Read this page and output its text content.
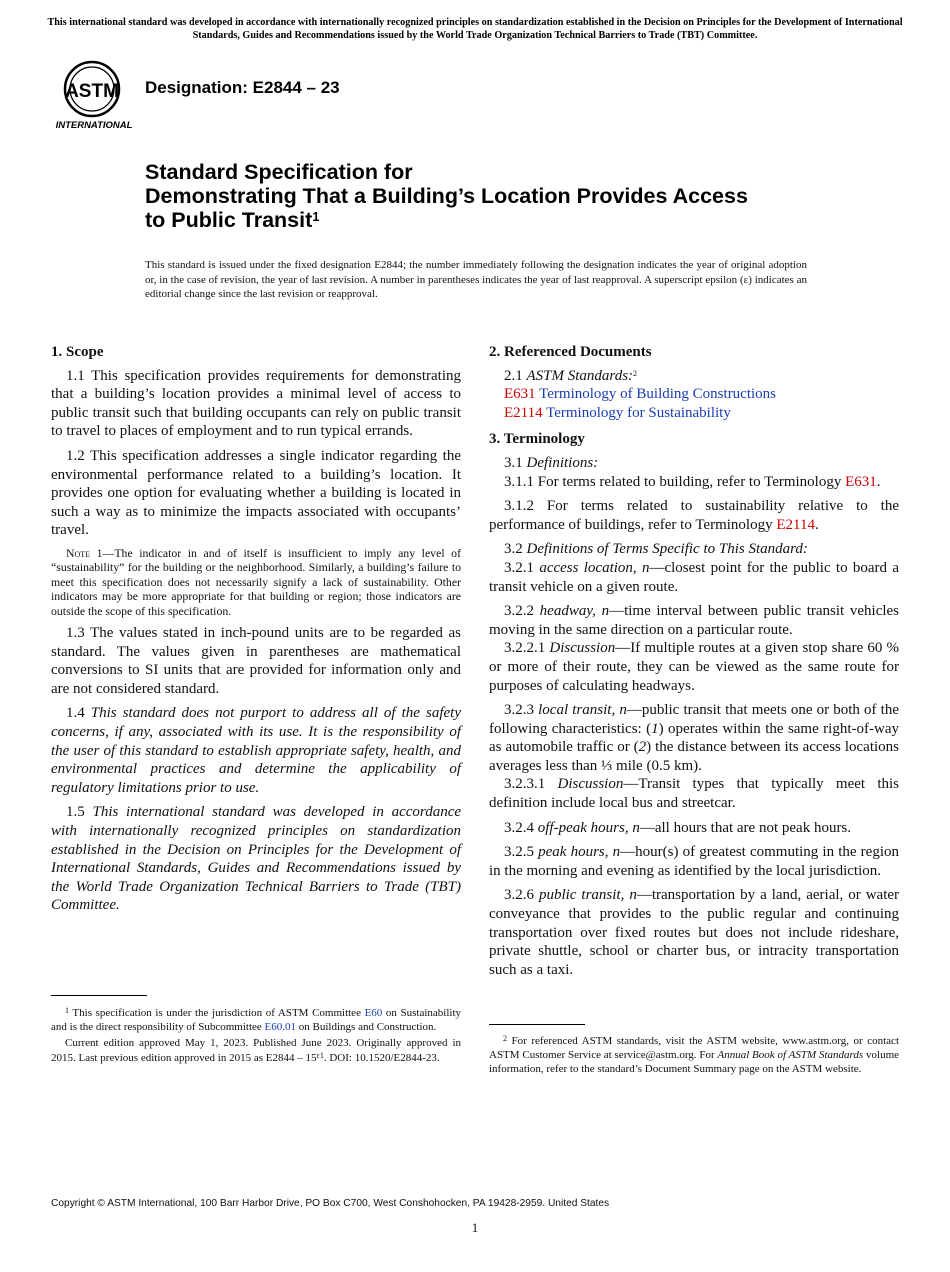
This international standard was developed in accordance with internationally recognized principles on standardization established in the Decision on Principles for the Development of International Standards, Guides and Recommendations issued by the World Trade Organization Technical Barriers to Trade (TBT) Committee.
ASTM
INTERNATIONAL
Designation: E2844 – 23
Standard Specification for
Demonstrating That a Building’s Location Provides Access
to Public Transit$^1$
This standard is issued under the fixed designation E2844; the number immediately following the designation indicates the year of original adoption or, in the case of revision, the year of last revision. A number in parentheses indicates the year of last reapproval. A superscript epsilon (ε) indicates an editorial change since the last revision or reapproval.
1. Scope

1.1 This specification provides requirements for demonstrating that a building’s location provides a minimal level of access to public transit such that building occupants can rely on public transit to travel to places of employment and to run typical errands.

1.2 This specification addresses a single indicator regarding the environmental performance related to a building’s location. It provides one option for evaluating whether a building is located in such a way as to minimize the impacts associated with occupants’ travel.

Note 1—The indicator in and of itself is insufficient to imply any level of “sustainability” for the building or the neighborhood. Similarly, a building’s failure to meet this specification does not necessarily signify a lack of sustainability. Other indicators may be more appropriate for that building or region; those indicators are outside the scope of this specification.

1.3 The values stated in inch-pound units are to be regarded as standard. The values given in parentheses are mathematical conversions to SI units that are provided for information only and are not considered standard.

1.4 This standard does not purport to address all of the safety concerns, if any, associated with its use. It is the responsibility of the user of this standard to establish appropriate safety, health, and environmental practices and determine the applicability of regulatory limitations prior to use.

1.5 This international standard was developed in accordance with internationally recognized principles on standardization established in the Decision on Principles for the Development of International Standards, Guides and Recommendations issued by the World Trade Organization Technical Barriers to Trade (TBT) Committee.

$^1$ This specification is under the jurisdiction of ASTM Committee E60 on Sustainability and is the direct responsibility of Subcommittee E60.01 on Buildings and Construction.

Current edition approved May 1, 2023. Published June 2023. Originally approved in 2015. Last previous edition approved in 2015 as $E2844 - 15^{\varepsilon 1}$. DOI: 10.1520/E2844-23.

2. Referenced Documents

2.1 ASTM Standards:$^2$

E631 Terminology of Building Constructions
E2114 Terminology for Sustainability
3. Terminology

3.1 Definitions:

3.1.1 For terms related to building, refer to Terminology E631.

3.1.2 For terms related to sustainability relative to the performance of buildings, refer to Terminology E2114.

3.2 Definitions of Terms Specific to This Standard:

3.2.1 access location, n—closest point for the public to board a transit vehicle on a given route.

3.2.2 headway, n—time interval between public transit vehicles moving in the same direction on a particular route.

3.2.2.1 Discussion—If multiple routes at a given stop share 60 % or more of their route, they can be viewed as the same route for purposes of calculating headways.

3.2.3 local transit, n—public transit that meets one or both of the following characteristics: (1) operates within the same right-of-way as automobile traffic or (2) the distance between its access locations averages less than ⅓ mile (0.5 km).

3.2.3.1 Discussion—Transit types that typically meet this definition include local bus and streetcar.

3.2.4 off-peak hours, n—all hours that are not peak hours.

3.2.5 peak hours, n—hour(s) of greatest commuting in the region in the morning and evening as identified by the local jurisdiction.

3.2.6 public transit, n—transportation by a land, aerial, or water conveyance that provides to the public regular and continuing transportation over fixed routes but does not include rideshare, private shuttle, school or charter bus, or intracity transportation such as a taxi.

$^2$ For referenced ASTM standards, visit the ASTM website, www.astm.org, or contact ASTM Customer Service at service@astm.org. For Annual Book of ASTM Standards volume information, refer to the standard’s Document Summary page on the ASTM website.

Copyright © ASTM International, 100 Barr Harbor Drive, PO Box C700, West Conshohocken, PA 19428-2959. United States
1
